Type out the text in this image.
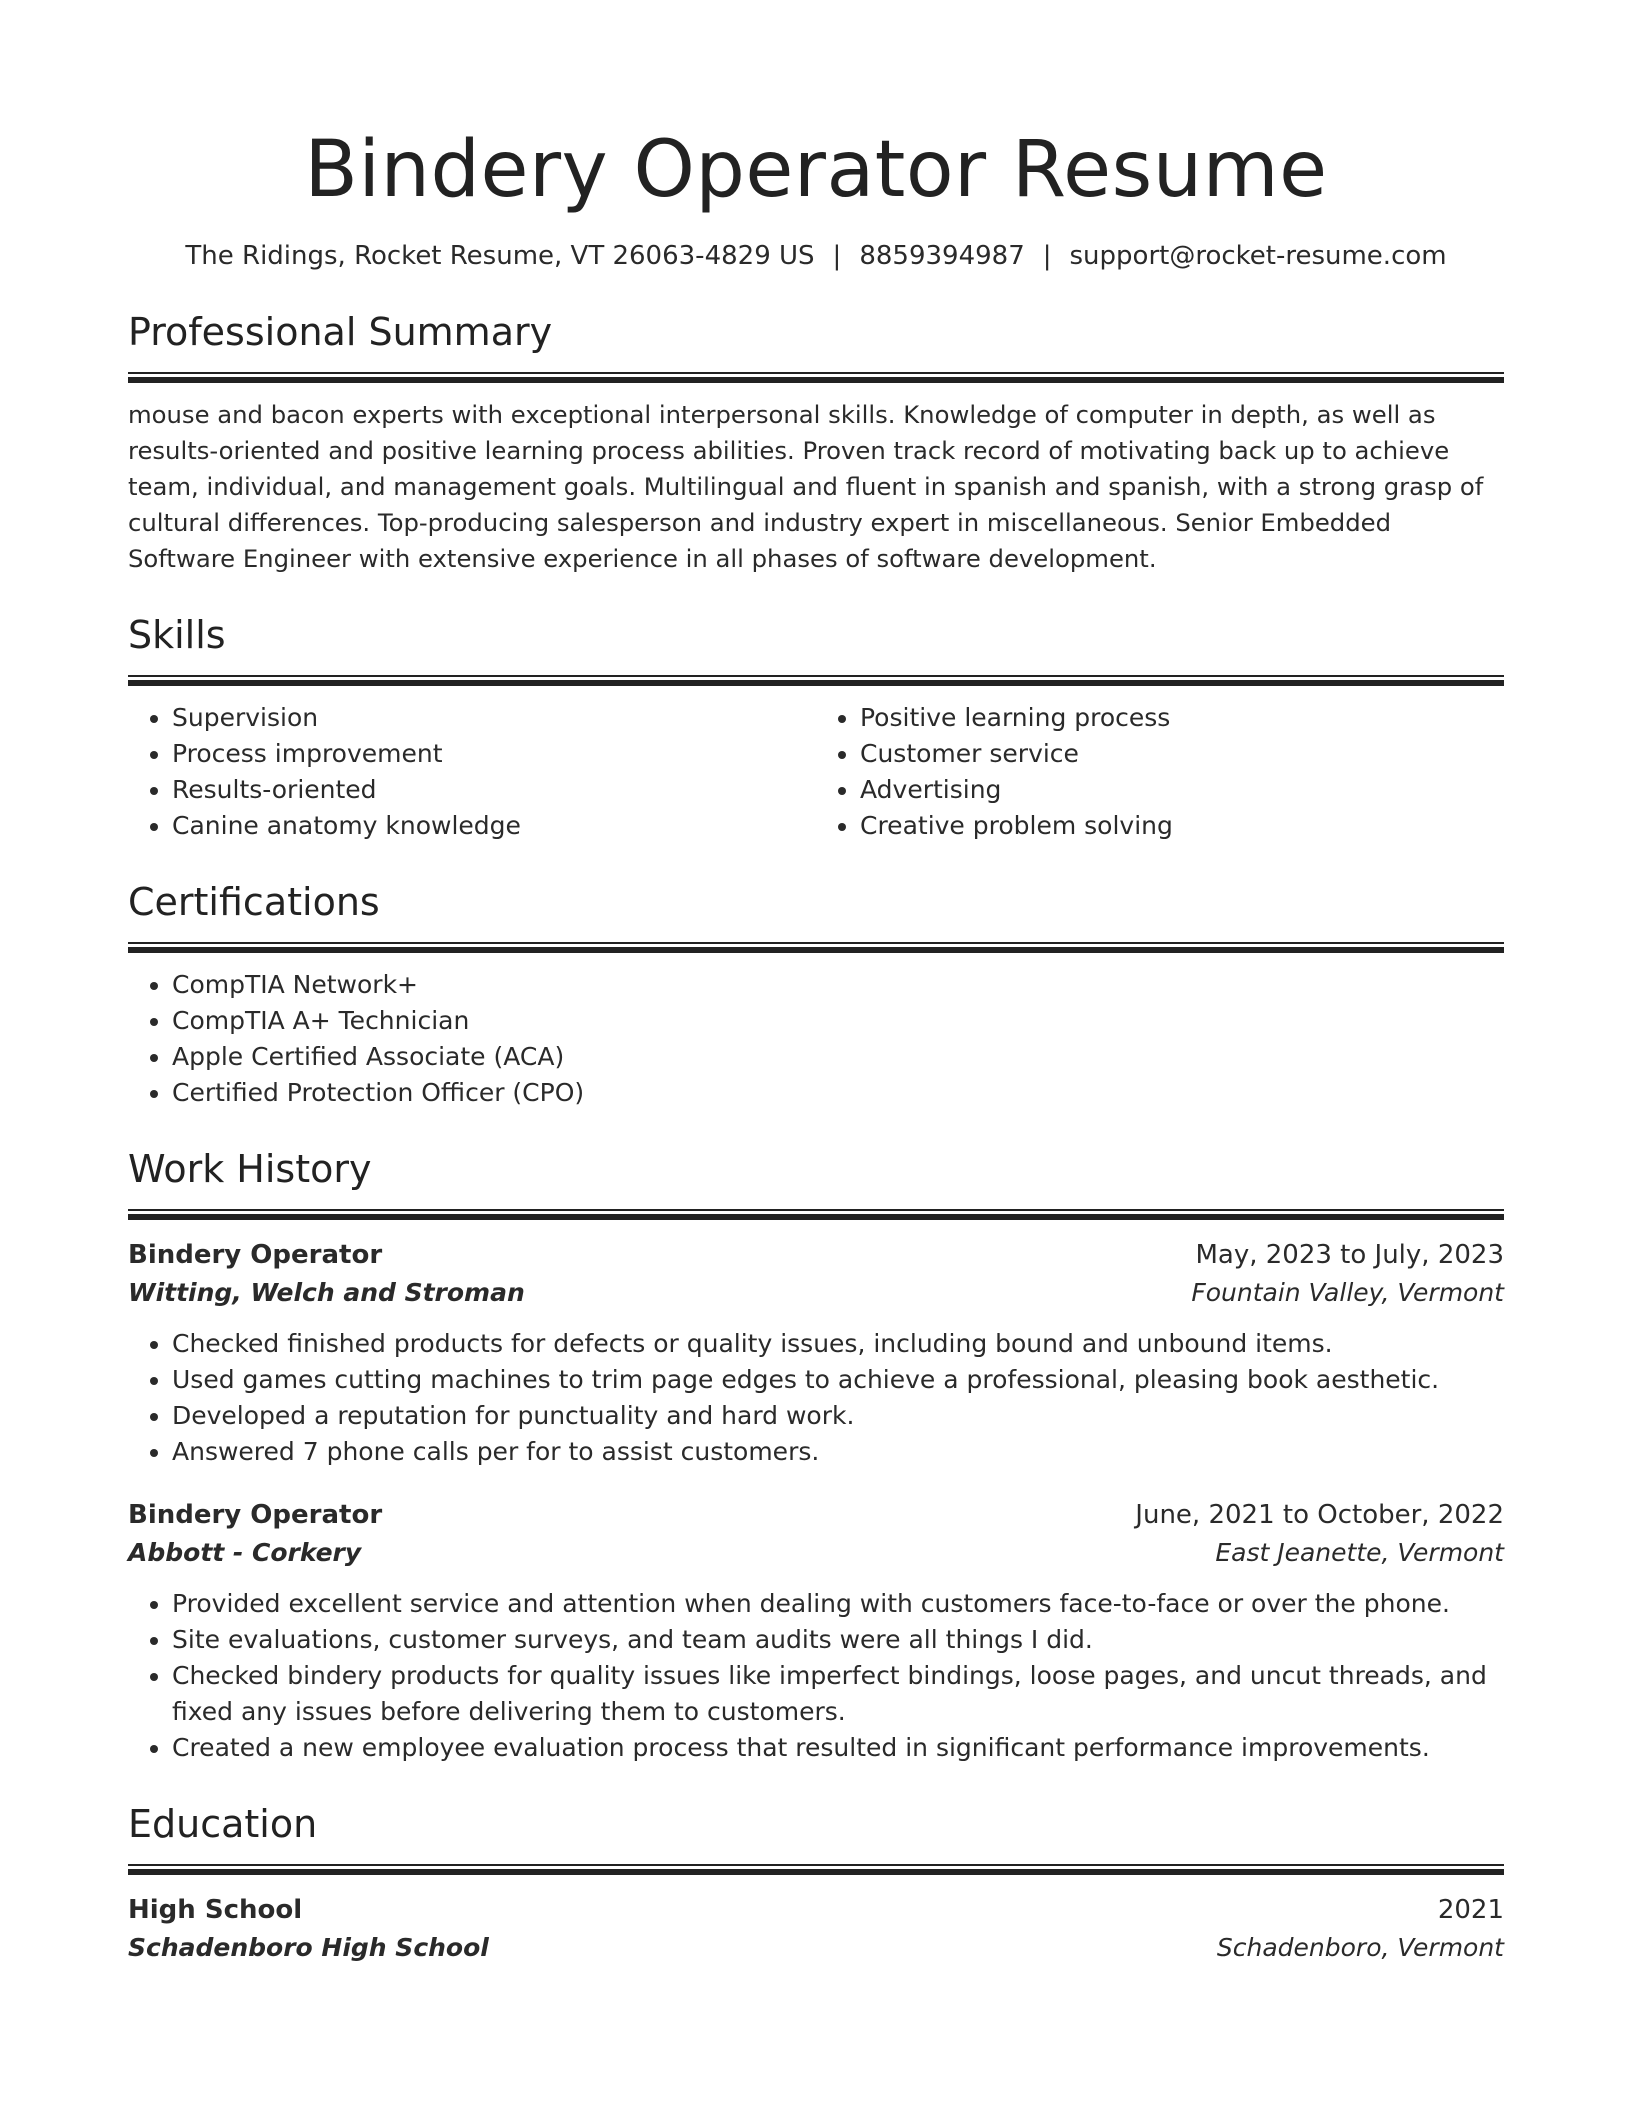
Bindery Operator Resume
The Ridings, Rocket Resume, VT 26063-4829 US | 8859394987 | support@rocket-resume.com
Professional Summary

mouse and bacon experts with exceptional interpersonal skills. Knowledge of computer in depth, as well as results-oriented and positive learning process abilities. Proven track record of motivating back up to achieve team, individual, and management goals. Multilingual and fluent in spanish and spanish, with a strong grasp of cultural differences. Top-producing salesperson and industry expert in miscellaneous. Senior Embedded Software Engineer with extensive experience in all phases of software development.

Skills
• Supervision
• Process improvement
• Results-oriented
• Canine anatomy knowledge
• Positive learning process
• Customer service
• Advertising
• Creative problem solving
Certifications
• CompTIA Network+
• CompTIA A+ Technician
• Apple Certified Associate (ACA)
• Certified Protection Officer (CPO)
Work History
Bindery Operator	May, 2023 to July, 2023
Witting, Welch and Stroman	Fountain Valley, Vermont
• Checked finished products for defects or quality issues, including bound and unbound items.
• Used games cutting machines to trim page edges to achieve a professional, pleasing book aesthetic.
• Developed a reputation for punctuality and hard work.
• Answered 7 phone calls per for to assist customers.
Bindery Operator	June, 2021 to October, 2022
Abbott - Corkery	East Jeanette, Vermont
• Provided excellent service and attention when dealing with customers face-to-face or over the phone.
• Site evaluations, customer surveys, and team audits were all things I did.
• Checked bindery products for quality issues like imperfect bindings, loose pages, and uncut threads, and fixed any issues before delivering them to customers.
• Created a new employee evaluation process that resulted in significant performance improvements.
Education
High School	2021
Schadenboro High School	Schadenboro, Vermont
